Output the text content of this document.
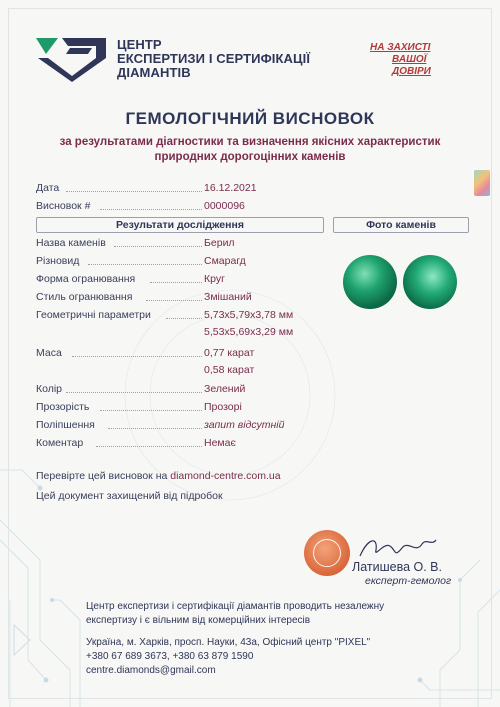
ЦЕНТР
ЕКСПЕРТИЗИ І СЕРТИФІКАЦІЇ
ДІАМАНТІВ
НА ЗАХИСТІ
ВАШОЇ
ДОВІРИ
ГЕМОЛОГІЧНИЙ ВИСНОВОК
за результатами діагностики та визначення якісних характеристик
природних дорогоцінних каменів
Дата	16.12.2021
Висновок #	0000096
Результати дослідження	Фото каменів
Назва каменів	Берил
Різновид	Смарагд
Форма огранювання	Круг
Стиль огранювання	Змішаний
Геометричні параметри	5,73x5,79x3,78 мм
5,53x5,69x3,29 мм
Маса	0,77 карат
0,58 карат
Колір	Зелений
Прозорість	Прозорі
Поліпшення	запит відсутній
Коментар	Немає
Перевірте цей висновок на diamond-centre.com.ua
Цей документ захищений від підробок
Латишева О. В.
експерт-гемолог
Центр експертизи і сертифікації діамантів проводить незалежну
експертизу і є вільним від комерційних інтересів
Україна, м. Харків, просп. Науки, 43а, Офісний центр "PIXEL"
+380 67 689 3673, +380 63 879 1590
centre.diamonds@gmail.com
